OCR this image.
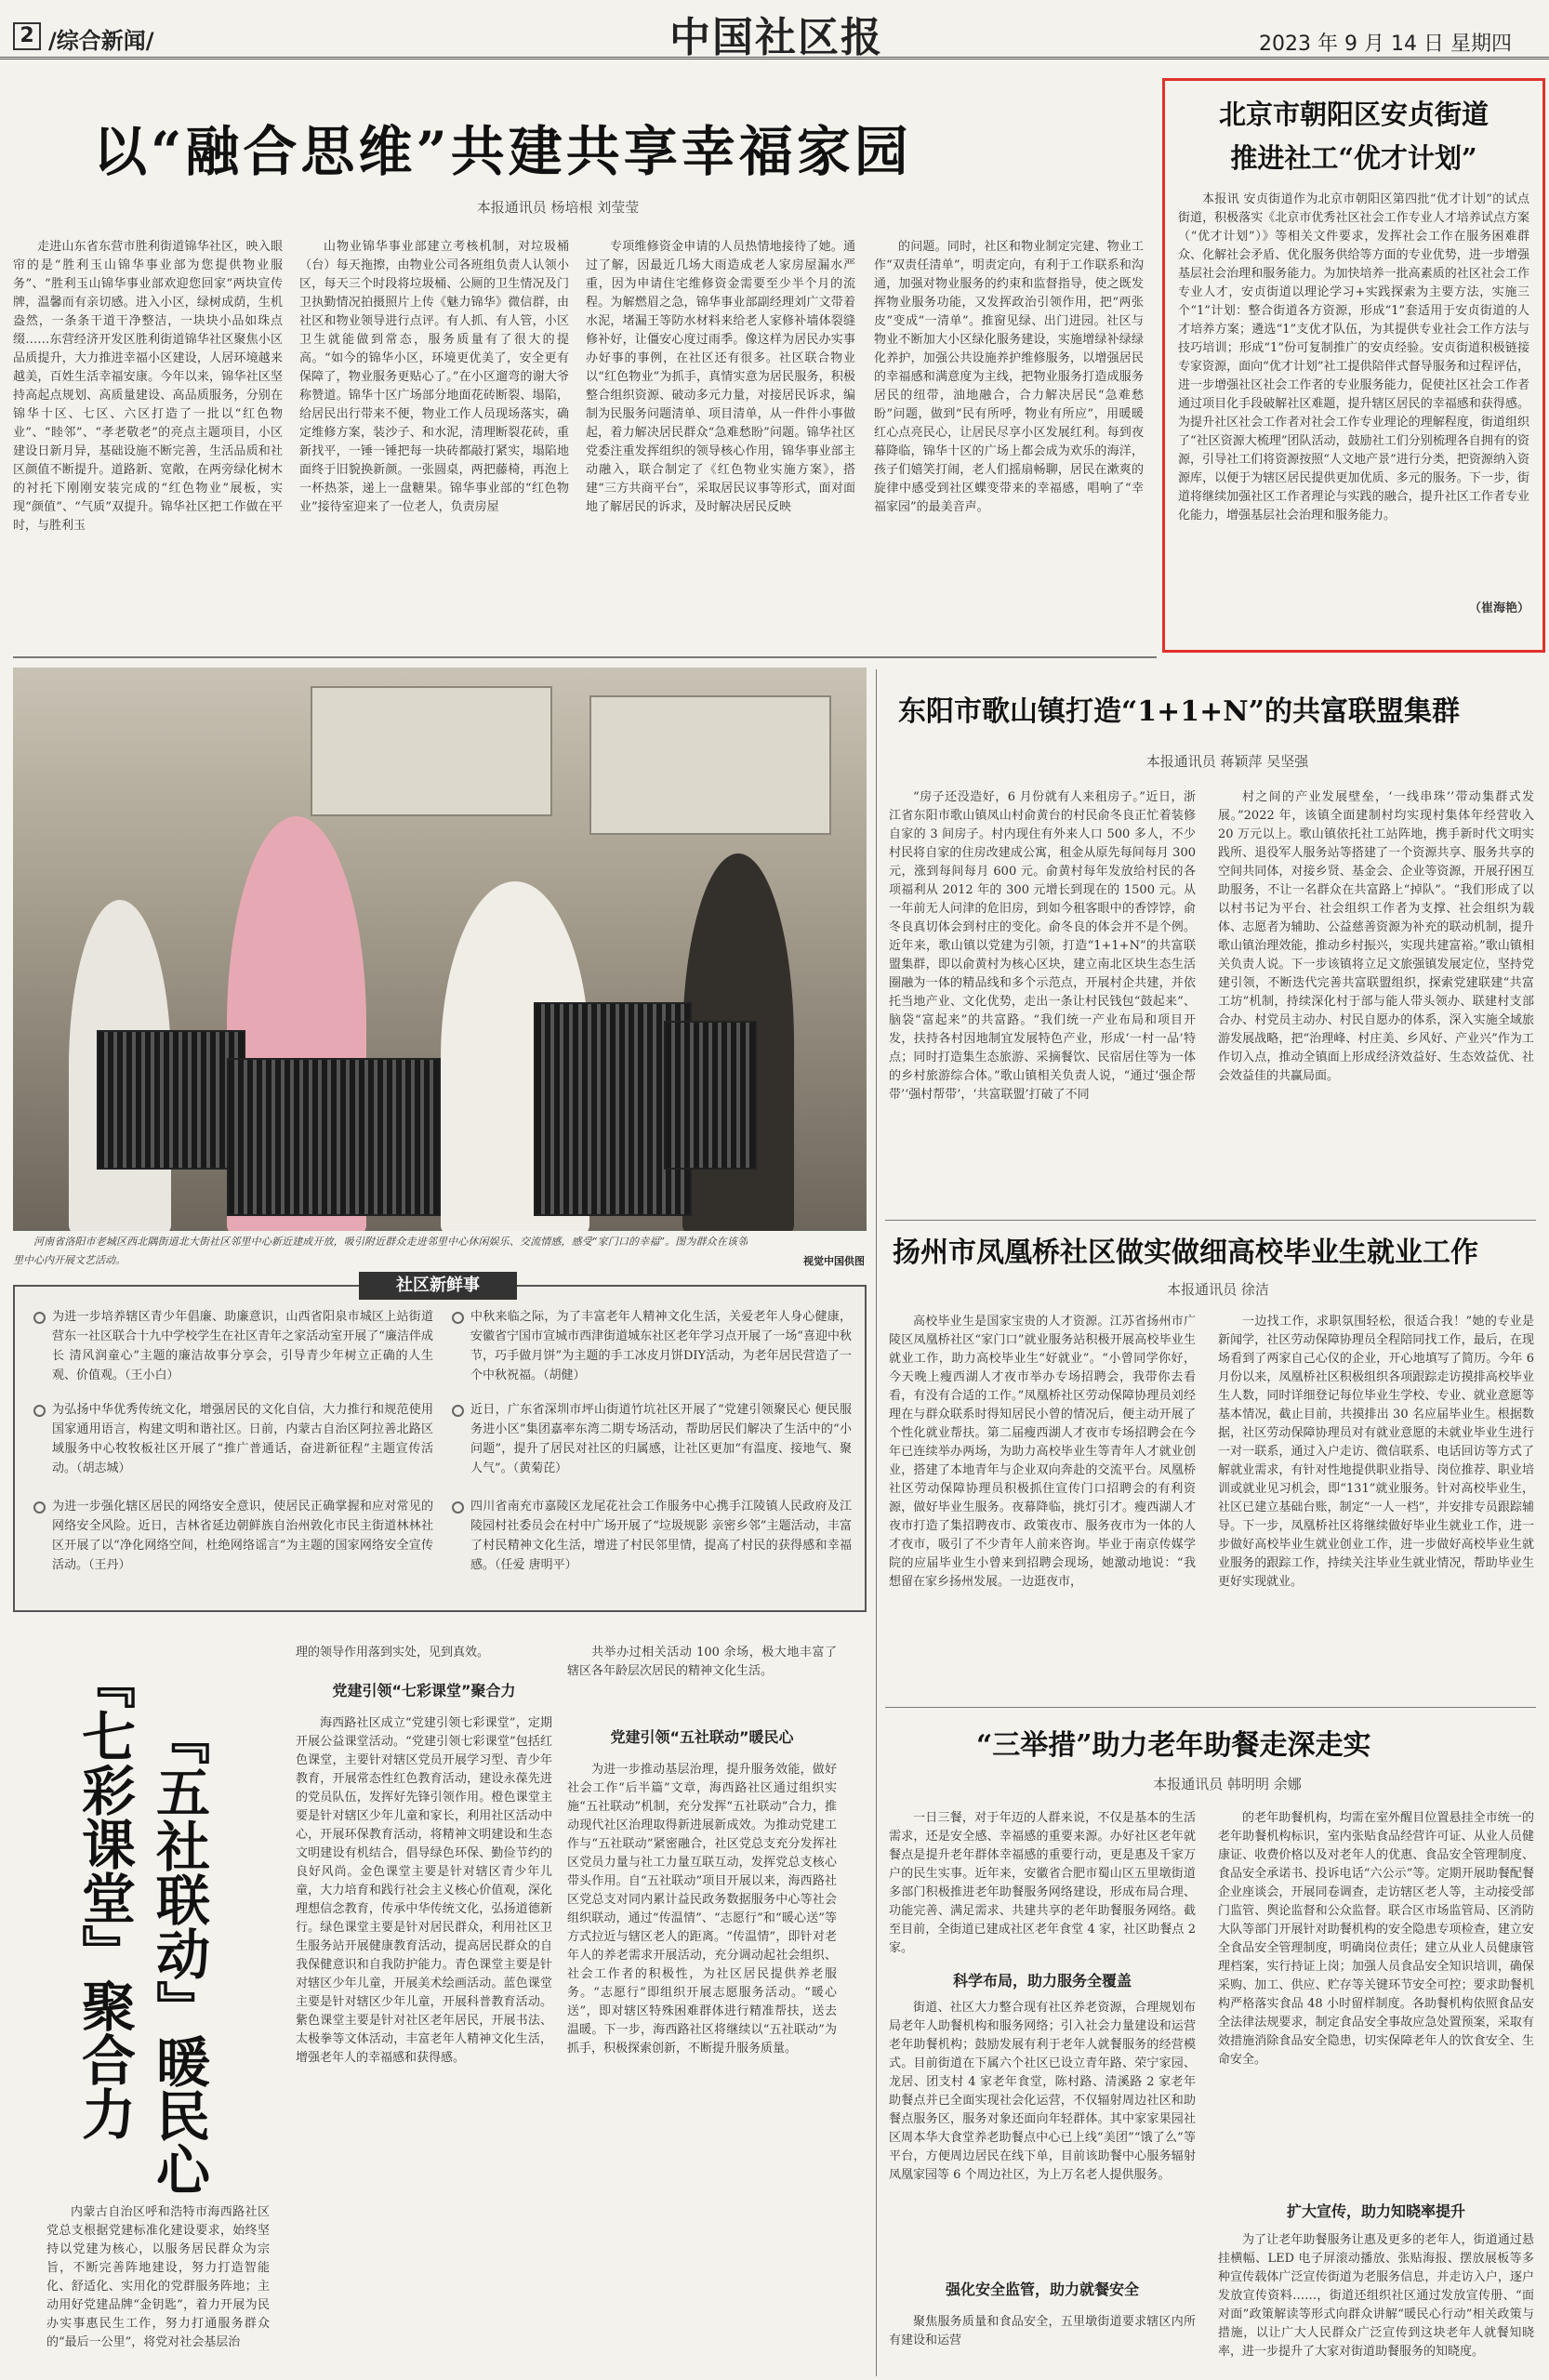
2 /综合新闻/	中国社区报	2023 年 9 月 14 日 星期四
以“融合思维”共建共享幸福家园
本报通讯员 杨培根 刘莹莹

走进山东省东营市胜利街道锦华社区，映入眼帘的是“胜利玉山锦华事业部为您提供物业服务”、“胜利玉山锦华事业部欢迎您回家”两块宣传牌，温馨而有亲切感。进入小区，绿树成荫，生机盎然，一条条干道干净整洁，一块块小品如珠点缀……东营经济开发区胜利街道锦华社区聚焦小区品质提升，大力推进幸福小区建设，人居环境越来越美，百姓生活幸福安康。今年以来，锦华社区坚持高起点规划、高质量建设、高品质服务，分别在锦华十区、七区、六区打造了一批以“红色物业”、“睦邻”、“孝老敬老”的亮点主题项目，小区建设日新月异，基础设施不断完善，生活品质和社区颜值不断提升。道路新、宽敞，在两旁绿化树木的衬托下刚刚安装完成的“红色物业”展板，实现“颜值”、“气质”双提升。锦华社区把工作做在平时，与胜利玉

山物业锦华事业部建立考核机制，对垃圾桶（台）每天拖擦，由物业公司各班组负责人认领小区，每天三个时段将垃圾桶、公厕的卫生情况及门卫执勤情况拍摄照片上传《魅力锦华》微信群，由社区和物业领导进行点评。有人抓、有人管，小区卫生就能做到常态，服务质量有了很大的提高。“如今的锦华小区，环境更优美了，安全更有保障了，物业服务更贴心了。”在小区遛弯的谢大爷称赞道。锦华十区广场部分地面花砖断裂、塌陷，给居民出行带来不便，物业工作人员现场落实，确定维修方案，装沙子、和水泥，清理断裂花砖，重新找平，一锤一锤把每一块砖都敲打紧实，塌陷地面终于旧貌换新颜。一张圆桌，两把藤椅，再泡上一杯热茶，递上一盘糖果。锦华事业部的“红色物业”接待室迎来了一位老人，负责房屋

专项维修资金申请的人员热情地接待了她。通过了解，因最近几场大雨造成老人家房屋漏水严重，因为申请住宅维修资金需要至少半个月的流程。为解燃眉之急，锦华事业部副经理刘广文带着水泥，堵漏王等防水材料来给老人家修补墙体裂缝修补好，让僵安心度过雨季。像这样为居民办实事办好事的事例，在社区还有很多。社区联合物业以“红色物业”为抓手，真情实意为居民服务，积极整合组织资源、破动多元力量，对接居民诉求，编制为民服务问题清单、项目清单，从一件件小事做起，着力解决居民群众“急难愁盼”问题。锦华社区党委注重发挥组织的领导核心作用，锦华事业部主动融入，联合制定了《红色物业实施方案》，搭建“三方共商平台”，采取居民议事等形式，面对面地了解居民的诉求，及时解决居民反映

的问题。同时，社区和物业制定完建、物业工作“双责任清单”，明责定向，有利于工作联系和沟通，加强对物业服务的约束和监督指导，使之既发挥物业服务功能，又发挥政治引领作用，把“两张皮”变成“一清单”。推窗见绿、出门进园。社区与物业不断加大小区绿化服务建设，实施增绿补绿绿化养护，加强公共设施养护维修服务，以增强居民的幸福感和满意度为主线，把物业服务打造成服务居民的纽带，油地融合，合力解决居民“急难愁盼”问题，做到“民有所呼，物业有所应”，用暖暖红心点亮民心，让居民尽享小区发展红利。每到夜幕降临，锦华十区的广场上都会成为欢乐的海洋，孩子们嬉笑打闹，老人们摇扇畅聊，居民在漱爽的旋律中感受到社区蝶变带来的幸福感，唱响了“幸福家园”的最美音声。

北京市朝阳区安贞街道
推进社工“优才计划”

本报讯 安贞街道作为北京市朝阳区第四批“优才计划”的试点街道，积极落实《北京市优秀社区社会工作专业人才培养试点方案（“优才计划”）》等相关文件要求，发挥社会工作在服务困难群众、化解社会矛盾、优化服务供给等方面的专业优势，进一步增强基层社会治理和服务能力。为加快培养一批高素质的社区社会工作专业人才，安贞街道以理论学习+实践探索为主要方法，实施三个“1”计划：整合街道各方资源，形成“1”套适用于安贞街道的人才培养方案；遴选“1”支优才队伍，为其提供专业社会工作方法与技巧培训；形成“1”份可复制推广的安贞经验。安贞街道积极链接专家资源，面向“优才计划”社工提供陪伴式督导服务和过程评估，进一步增强社区社会工作者的专业服务能力，促使社区社会工作者通过项目化手段破解社区难题，提升辖区居民的幸福感和获得感。为提升社区社会工作者对社会工作专业理论的理解程度，街道组织了“社区资源大梳理”团队活动，鼓励社工们分别梳理各自拥有的资源，引导社工们将资源按照“人文地产景”进行分类，把资源纳入资源库，以便于为辖区居民提供更加优质、多元的服务。下一步，街道将继续加强社区工作者理论与实践的融合，提升社区工作者专业化能力，增强基层社会治理和服务能力。

（崔海艳）

河南省洛阳市老城区西北隅街道北大街社区邻里中心新近建成开放，吸引附近群众走进邻里中心休闲娱乐、交流情感，感受“家门口的幸福”。图为群众在该邻里中心内开展文艺活动。	视觉中国供图
社区新鲜事
为进一步培养辖区青少年倡廉、助廉意识，山西省阳泉市城区上站街道营东一社区联合十九中学校学生在社区青年之家活动室开展了“廉洁伴成长 清风润童心”主题的廉洁故事分享会，引导青少年树立正确的人生观、价值观。（王小白）
为弘扬中华优秀传统文化，增强居民的文化自信，大力推行和规范使用国家通用语言，构建文明和谐社区。日前，内蒙古自治区阿拉善北路区域服务中心牧牧板社区开展了“推广普通话，奋进新征程”主题宣传活动。（胡志城）
为进一步强化辖区居民的网络安全意识，使居民正确掌握和应对常见的网络安全风险。近日，吉林省延边朝鲜族自治州敦化市民主街道林林社区开展了以“净化网络空间，杜绝网络谣言”为主题的国家网络安全宣传活动。（王丹）
中秋来临之际，为了丰富老年人精神文化生活，关爱老年人身心健康，安徽省宁国市宣城市西津街道城东社区老年学习点开展了一场“喜迎中秋节，巧手做月饼”为主题的手工冰皮月饼DIY活动，为老年居民营造了一个中秋祝福。（胡健）
近日，广东省深圳市坪山街道竹坑社区开展了“党建引领聚民心 便民服务进小区”集团嘉率东湾二期专场活动，帮助居民们解决了生活中的“小问题”，提升了居民对社区的归属感，让社区更加“有温度、接地气、聚人气”。（黄菊芘）
四川省南充市嘉陵区龙尾花社会工作服务中心携手江陵镇人民政府及江陵园村社委员会在村中广场开展了“垃圾规影 亲密乡邻”主题活动，丰富了村民精神文化生活，增进了村民邻里情，提高了村民的获得感和幸福感。（任爱 唐明平）
『七彩课堂』聚合力 『五社联动』暖民心

内蒙古自治区呼和浩特市海西路社区党总支根据党建标准化建设要求，始终坚持以党建为核心，以服务居民群众为宗旨，不断完善阵地建设，努力打造智能化、舒适化、实用化的党群服务阵地；主动用好党建品牌“金钥匙”，着力开展为民办实事惠民生工作，努力打通服务群众的“最后一公里”，将党对社会基层治

理的领导作用落到实处，见到真效。
党建引领“七彩课堂”聚合力

海西路社区成立“党建引领七彩课堂”，定期开展公益课堂活动。“党建引领七彩课堂”包括红色课堂，主要针对辖区党员开展学习型、青少年教育，开展常态性红色教育活动，建设永葆先进的党员队伍，发挥好先锋引领作用。橙色课堂主要是针对辖区少年儿童和家长，利用社区活动中心，开展环保教育活动，将精神文明建设和生态文明建设有机结合，倡导绿色环保、勤俭节约的良好风尚。金色课堂主要是针对辖区青少年儿童，大力培育和践行社会主义核心价值观，深化理想信念教育，传承中华传统文化，弘扬道德新行。绿色课堂主要是针对居民群众，利用社区卫生服务站开展健康教育活动，提高居民群众的自我保健意识和自我防护能力。青色课堂主要是针对辖区少年儿童，开展美术绘画活动。蓝色课堂主要是针对辖区少年儿童，开展科普教育活动。紫色课堂主要是针对社区老年居民，开展书法、太极拳等文体活动，丰富老年人精神文化生活，增强老年人的幸福感和获得感。

共举办过相关活动 100 余场，极大地丰富了辖区各年龄层次居民的精神文化生活。

党建引领“五社联动”暖民心

为进一步推动基层治理，提升服务效能，做好社会工作“后半篇”文章，海西路社区通过组织实施“五社联动”机制，充分发挥“五社联动”合力，推动现代社区治理取得新进展新成效。为推动党建工作与“五社联动”紧密融合，社区党总支充分发挥社区党员力量与社工力量互联互动，发挥党总支核心带头作用。自“五社联动”项目开展以来，海西路社区党总支对同内累计益民政务数据服务中心等社会组织联动，通过“传温情”、“志愿行”和“暖心送”等方式拉近与辖区老人的距离。“传温情”，即针对老年人的养老需求开展活动，充分调动起社会组织、社会工作者的积极性，为社区居民提供养老服务。“志愿行”即组织开展志愿服务活动。“暖心送”，即对辖区特殊困难群体进行精准帮扶，送去温暖。下一步，海西路社区将继续以“五社联动”为抓手，积极探索创新，不断提升服务质量。

东阳市歌山镇打造“1+1+N”的共富联盟集群
本报通讯员 蒋颖萍 吴坚强

“房子还没造好，6 月份就有人来租房子。”近日，浙江省东阳市歌山镇凤山村俞黄台的村民俞冬良正忙着装修自家的 3 间房子。村内现住有外来人口 500 多人，不少村民将自家的住房改建成公寓，租金从原先每间每月 300 元，涨到每间每月 600 元。俞黄村每年发放给村民的各项福利从 2012 年的 300 元增长到现在的 1500 元。从一年前无人问津的危旧房，到如今租客眼中的香饽饽，俞冬良真切体会到村庄的变化。俞冬良的体会并不是个例。近年来，歌山镇以党建为引领，打造“1+1+N”的共富联盟集群，即以俞黄村为核心区块，建立南北区块生态生活圈融为一体的精品线和多个示范点，开展村企共建，并依托当地产业、文化优势，走出一条让村民钱包“鼓起来”、脑袋“富起来”的共富路。“我们统一产业布局和项目开发，扶持各村因地制宜发展特色产业，形成‘一村一品’特点；同时打造集生态旅游、采摘餐饮、民宿居住等为一体的乡村旅游综合体。”歌山镇相关负责人说，“通过‘强企帮带’‘强村帮带’，‘共富联盟’打破了不同

村之间的产业发展壁垒，‘一线串珠’’带动集群式发展。”2022 年，该镇全面建制村均实现村集体年经营收入 20 万元以上。歌山镇依托社工站阵地，携手新时代文明实践所、退役军人服务站等搭建了一个资源共享、服务共享的空间共同体，对接乡贤、基金会、企业等资源，开展孖困互助服务，不让一名群众在共富路上“掉队”。“我们形成了以以村书记为平台、社会组织工作者为支撑、社会组织为载体、志愿者为辅助、公益慈善资源为补充的联动机制，提升歌山镇治理效能，推动乡村振兴，实现共建富裕。”歌山镇相关负责人说。下一步该镇将立足文旅强镇发展定位，坚持党建引领，不断迭代完善共富联盟组织，探索党建联建“共富工坊”机制，持续深化村于部与能人带头领办、联建村支部合办、村党员主动办、村民自愿办的体系，深入实施全域旅游发展战略，把“治理峰、村庄美、乡风好、产业兴”作为工作切入点，推动全镇面上形成经济效益好、生态效益优、社会效益佳的共赢局面。

扬州市凤凰桥社区做实做细高校毕业生就业工作
本报通讯员 徐洁

高校毕业生是国家宝贵的人才资源。江苏省扬州市广陵区凤凰桥社区“家门口”就业服务站积极开展高校毕业生就业工作，助力高校毕业生“好就业”。“小曾同学你好，今天晚上瘦西湖人才夜市举办专场招聘会，我带你去看看，有没有合适的工作。”凤凰桥社区劳动保障协理员刘经理在与群众联系时得知居民小曾的情况后，便主动开展了个性化就业帮扶。第二届瘦西湖人才夜市专场招聘会在今年已连续举办两场，为助力高校毕业生等青年人才就业创业，搭建了本地青年与企业双向奔赴的交流平台。凤凰桥社区劳动保障协理员积极抓住宣传门口招聘会的有利资源，做好毕业生服务。夜幕降临，挑灯引才。瘦西湖人才夜市打造了集招聘夜市、政策夜市、服务夜市为一体的人才夜市，吸引了不少青年人前来咨询。毕业于南京传媒学院的应届毕业生小曾来到招聘会现场，她激动地说：“我想留在家乡扬州发展。一边逛夜市，

一边找工作，求职氛围轻松，很适合我！”她的专业是新闻学，社区劳动保障协理员全程陪同找工作，最后，在现场看到了两家自己心仪的企业，开心地填写了简历。今年 6 月份以来，凤凰桥社区积极组织各项跟踪走访摸排高校毕业生人数，同时详细登记每位毕业生学校、专业、就业意愿等基本情况，截止目前，共摸排出 30 名应届毕业生。根据数据，社区劳动保障协理员对有就业意愿的未就业毕业生进行一对一联系，通过入户走访、微信联系、电话回访等方式了解就业需求，有针对性地提供职业指导、岗位推荐、职业培训或就业见习机会，即“131”就业服务。针对高校毕业生，社区已建立基础台账，制定“一人一档”，并安排专员跟踪辅导。下一步，凤凰桥社区将继续做好毕业生就业工作，进一步做好高校毕业生就业创业工作，进一步做好高校毕业生就业服务的跟踪工作，持续关注毕业生就业情况，帮助毕业生更好实现就业。

“三举措”助力老年助餐走深走实
本报通讯员 韩明明 余娜

一日三餐，对于年迈的人群来说，不仅是基本的生活需求，还是安全感、幸福感的重要来源。办好社区老年就餐点是提升老年群体幸福感的重要行动，更是惠及千家万户的民生实事。近年来，安徽省合肥市蜀山区五里墩街道多部门积极推进老年助餐服务网络建设，形成布局合理、功能完善、满足需求、共建共享的老年助餐服务网络。截至目前，全街道已建成社区老年食堂 4 家，社区助餐点 2 家。

科学布局，助力服务全覆盖

街道、社区大力整合现有社区养老资源，合理规划布局老年人助餐机构和服务网络；引入社会力量建设和运营老年助餐机构；鼓励发展有利于老年人就餐服务的经营模式。目前街道在下属六个社区已设立青年路、荣宁家园、龙居、团支村 4 家老年食堂，陈村路、清溪路 2 家老年助餐点并已全面实现社会化运营，不仅辐射周边社区和助餐点服务区，服务对象还面向年轻群体。其中家家果园社区周本华大食堂养老助餐点中心已上线“美团”“饿了么”等平台，方便周边居民在线下单，目前该助餐中心服务辐射凤凰家园等 6 个周边社区，为上万名老人提供服务。

强化安全监管，助力就餐安全

聚焦服务质量和食品安全，五里墩街道要求辖区内所有建设和运营

的老年助餐机构，均需在室外醒目位置悬挂全市统一的老年助餐机构标识，室内张贴食品经营许可证、从业人员健康证、收费价格以及对老年人的优惠、食品安全管理制度、食品安全承诺书、投诉电话“六公示”等。定期开展助餐配餐企业座谈会，开展同卷调查，走访辖区老人等，主动接受部门监管、舆论监督和公众监督。联合区市场监管局、区消防大队等部门开展针对助餐机构的安全隐患专项检查，建立安全食品安全管理制度，明确岗位责任；建立从业人员健康管理档案，实行持证上岗；加强人员食品安全知识培训，确保采购、加工、供应、贮存等关键环节安全可控；要求助餐机构严格落实食品 48 小时留样制度。各助餐机构依照食品安全法律法规要求，制定食品安全事故应急处置预案，采取有效措施消除食品安全隐患，切实保障老年人的饮食安全、生命安全。

扩大宣传，助力知晓率提升

为了让老年助餐服务让惠及更多的老年人，街道通过悬挂横幅、LED 电子屏滚动播放、张贴海报、摆放展板等多种宣传载体广泛宣传街道为老服务信息，并走访入户，逐户发放宣传资料……，街道还组织社区通过发放宣传册、“面对面”政策解读等形式向群众讲解“暖民心行动”相关政策与措施，以让广大人民群众广泛宣传到这块老年人就餐知晓率，进一步提升了大家对街道助餐服务的知晓度。
